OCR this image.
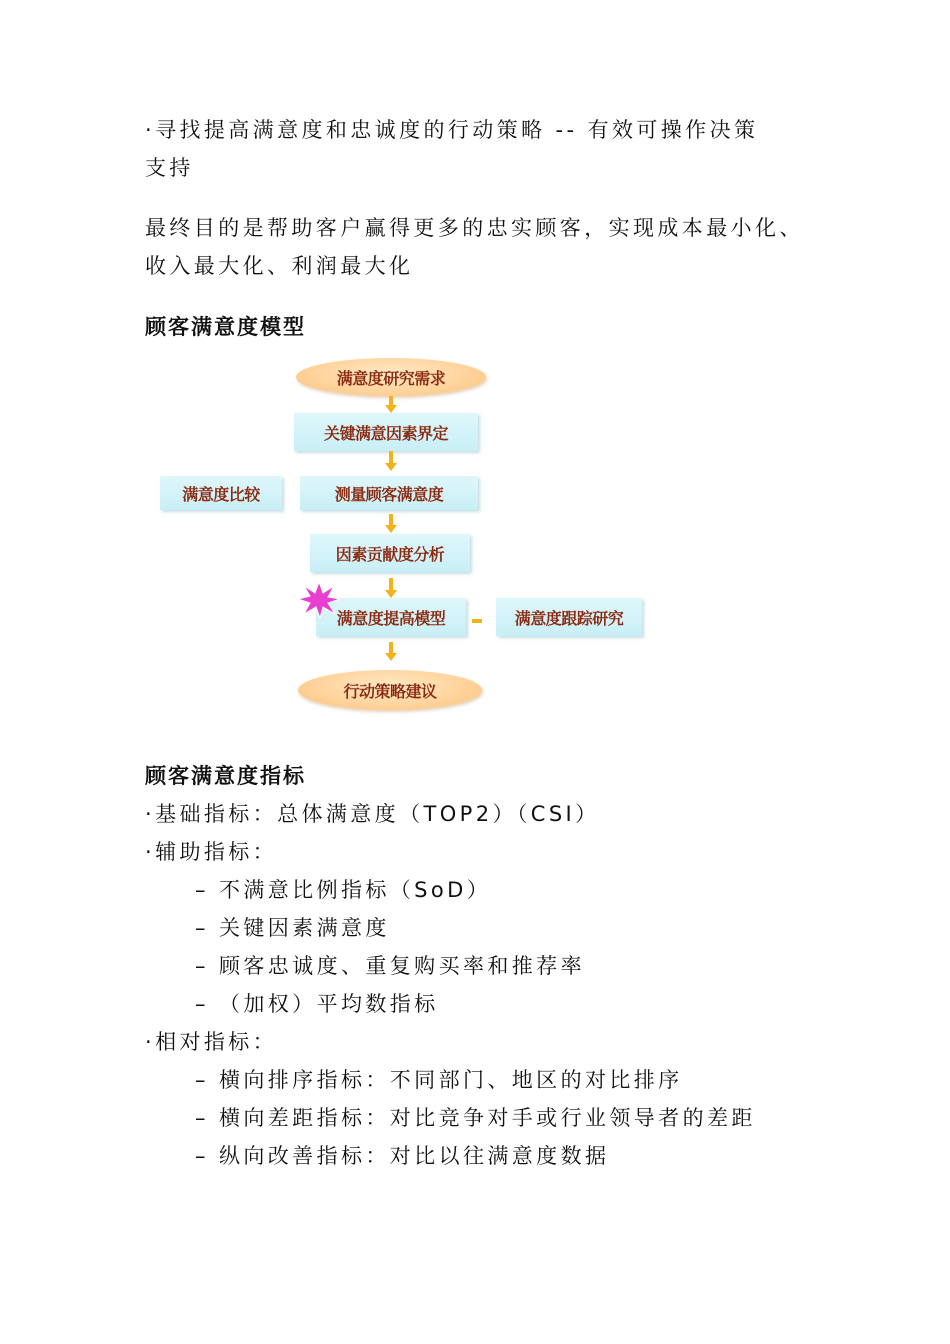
·寻找提高满意度和忠诚度的行动策略 -- 有效可操作决策
支持
最终目的是帮助客户赢得更多的忠实顾客，实现成本最小化、
收入最大化、利润最大化
顾客满意度模型
满意度研究需求
关键满意因素界定
满意度比较	测量顾客满意度
因素贡献度分析
满意度提高模型	满意度跟踪研究
行动策略建议
顾客满意度指标
·基础指标：总体满意度（TOP2）（CSI）
·辅助指标：
– 不满意比例指标（SoD）
– 关键因素满意度
– 顾客忠诚度、重复购买率和推荐率
– （加权）平均数指标
·相对指标：
– 横向排序指标：不同部门、地区的对比排序
– 横向差距指标：对比竞争对手或行业领导者的差距
– 纵向改善指标：对比以往满意度数据
